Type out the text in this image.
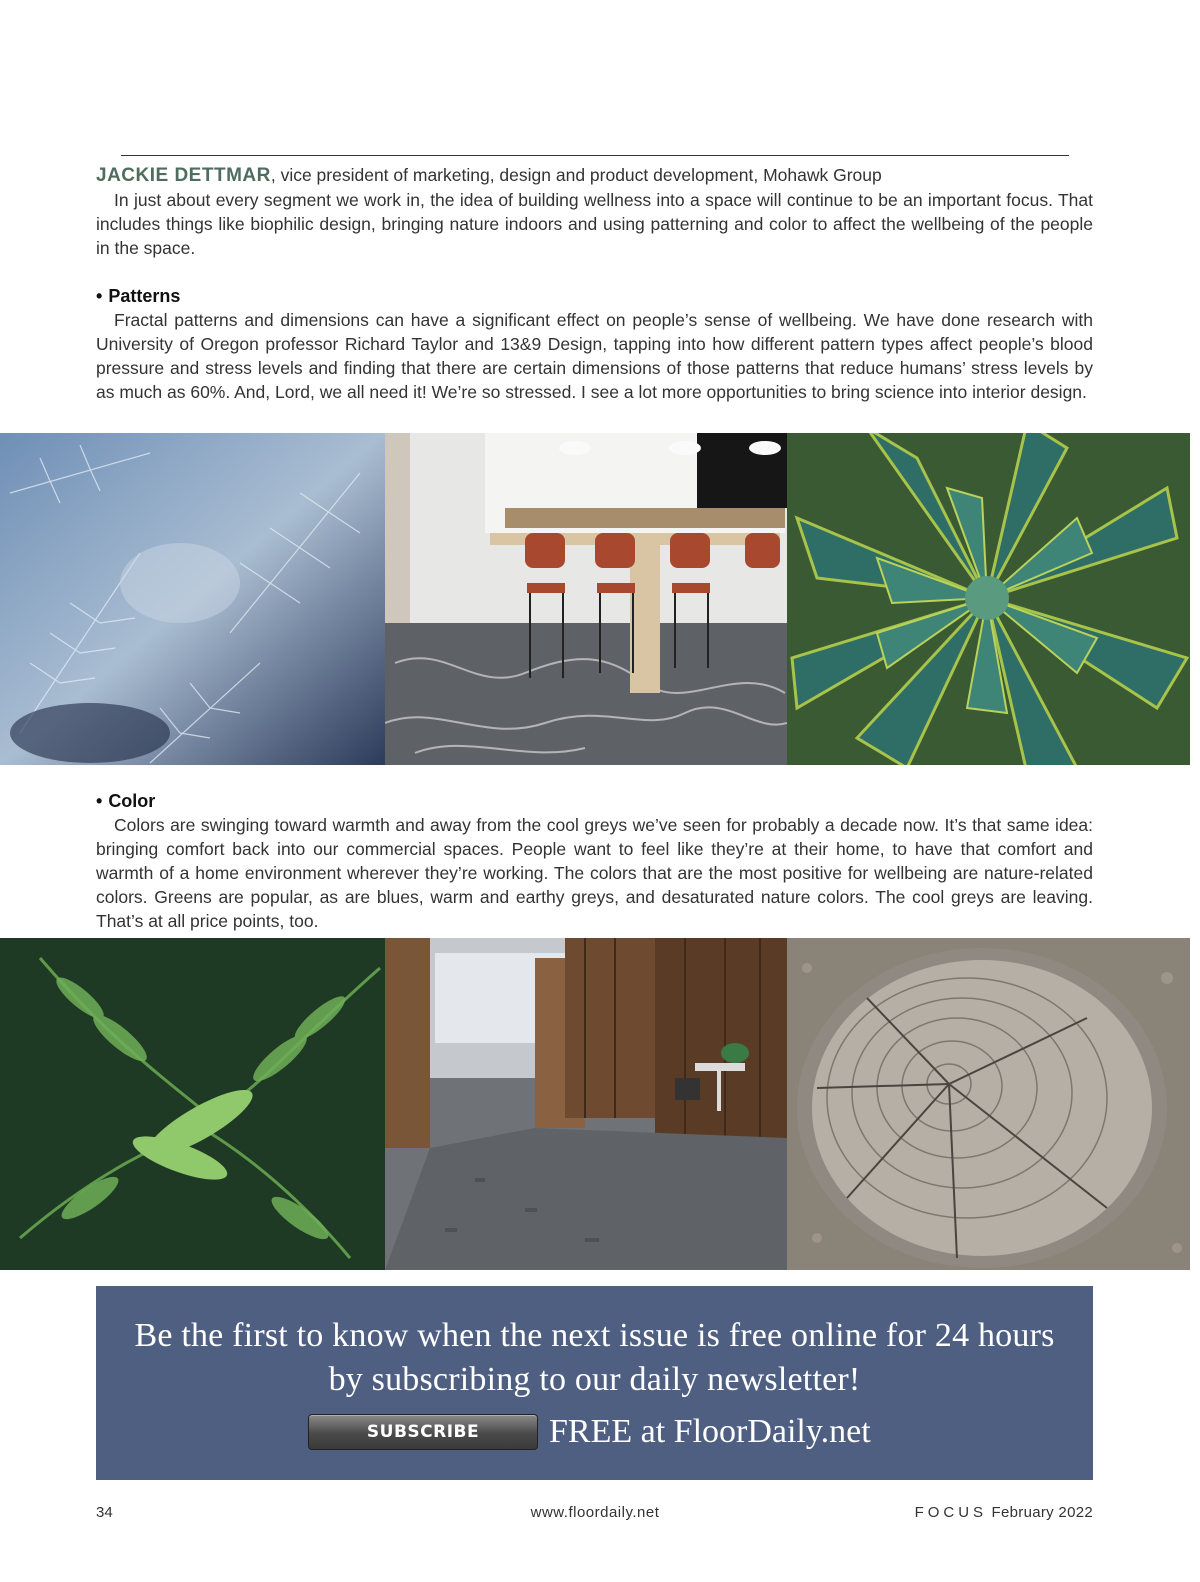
JACKIE DETTMAR, vice president of marketing, design and product development, Mohawk Group

In just about every segment we work in, the idea of building wellness into a space will continue to be an important focus. That includes things like biophilic design, bringing nature indoors and using patterning and color to affect the wellbeing of the people in the space.

• Patterns

Fractal patterns and dimensions can have a significant effect on people’s sense of wellbeing. We have done research with University of Oregon professor Richard Taylor and 13&9 Design, tapping into how different pattern types affect people’s blood pressure and stress levels and finding that there are certain dimensions of those patterns that reduce humans’ stress levels by as much as 60%. And, Lord, we all need it! We’re so stressed. I see a lot more opportunities to bring science into interior design.

• Color

Colors are swinging toward warmth and away from the cool greys we’ve seen for probably a decade now. It’s that same idea: bringing comfort back into our commercial spaces. People want to feel like they’re at their home, to have that comfort and warmth of a home environment wherever they’re working. The colors that are the most positive for wellbeing are nature-related colors. Greens are popular, as are blues, warm and earthy greys, and desaturated nature colors. The cool greys are leaving. That’s at all price points, too.

Be the first to know when the next issue is free online for 24 hours
by subscribing to our daily newsletter!
SUBSCRIBE	FREE at FloorDaily.net
34	www.floordaily.net	FOCUS February 2022
